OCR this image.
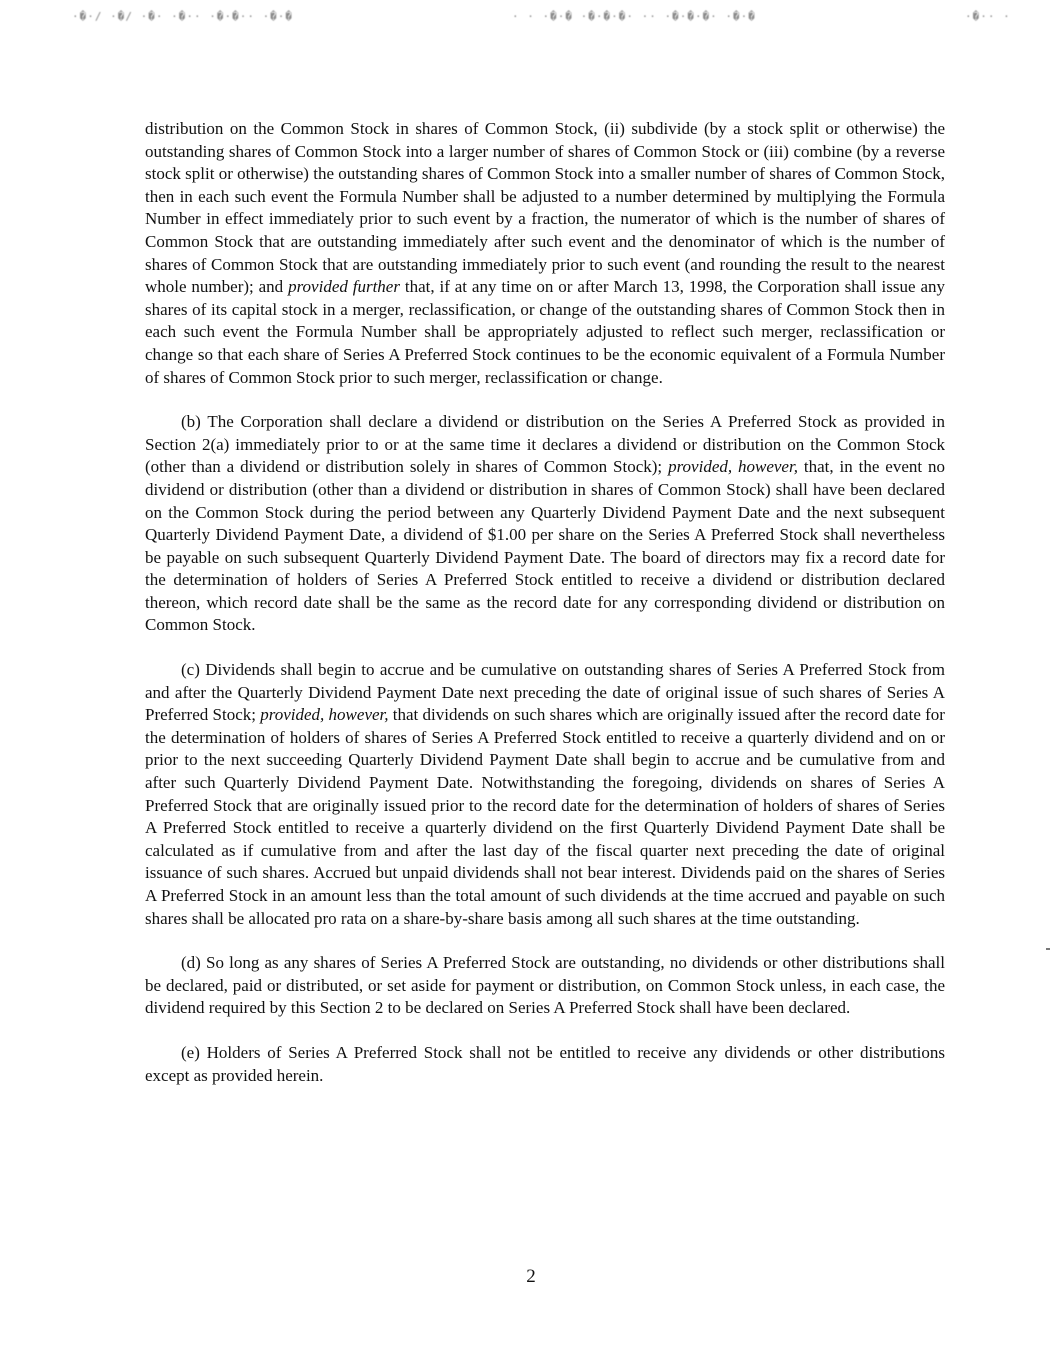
·�·/ ·�/ ·�· ·�·· ·�·�·· ·�·�	· · ·�·� ·�·�·�· ·· ·�·�·�· ·�·�	·�·· ·

distribution on the Common Stock in shares of Common Stock, (ii) subdivide (by a stock split or otherwise) the outstanding shares of Common Stock into a larger number of shares of Common Stock or (iii) combine (by a reverse stock split or otherwise) the outstanding shares of Common Stock into a smaller number of shares of Common Stock, then in each such event the Formula Number shall be adjusted to a number determined by multiplying the Formula Number in effect immediately prior to such event by a fraction, the numerator of which is the number of shares of Common Stock that are outstanding immediately after such event and the denominator of which is the number of shares of Common Stock that are outstanding immediately prior to such event (and rounding the result to the nearest whole number); and provided further that, if at any time on or after March 13, 1998, the Corporation shall issue any shares of its capital stock in a merger, reclassification, or change of the outstanding shares of Common Stock then in each such event the Formula Number shall be appropriately adjusted to reflect such merger, reclassification or change so that each share of Series A Preferred Stock continues to be the economic equivalent of a Formula Number of shares of Common Stock prior to such merger, reclassification or change.

(b) The Corporation shall declare a dividend or distribution on the Series A Preferred Stock as provided in Section 2(a) immediately prior to or at the same time it declares a dividend or distribution on the Common Stock (other than a dividend or distribution solely in shares of Common Stock); provided, however, that, in the event no dividend or distribution (other than a dividend or distribution in shares of Common Stock) shall have been declared on the Common Stock during the period between any Quarterly Dividend Payment Date and the next subsequent Quarterly Dividend Payment Date, a dividend of $1.00 per share on the Series A Preferred Stock shall nevertheless be payable on such subsequent Quarterly Dividend Payment Date. The board of directors may fix a record date for the determination of holders of Series A Preferred Stock entitled to receive a dividend or distribution declared thereon, which record date shall be the same as the record date for any corresponding dividend or distribution on Common Stock.

(c) Dividends shall begin to accrue and be cumulative on outstanding shares of Series A Preferred Stock from and after the Quarterly Dividend Payment Date next preceding the date of original issue of such shares of Series A Preferred Stock; provided, however, that dividends on such shares which are originally issued after the record date for the determination of holders of shares of Series A Preferred Stock entitled to receive a quarterly dividend and on or prior to the next succeeding Quarterly Dividend Payment Date shall begin to accrue and be cumulative from and after such Quarterly Dividend Payment Date. Notwithstanding the foregoing, dividends on shares of Series A Preferred Stock that are originally issued prior to the record date for the determination of holders of shares of Series A Preferred Stock entitled to receive a quarterly dividend on the first Quarterly Dividend Payment Date shall be calculated as if cumulative from and after the last day of the fiscal quarter next preceding the date of original issuance of such shares. Accrued but unpaid dividends shall not bear interest. Dividends paid on the shares of Series A Preferred Stock in an amount less than the total amount of such dividends at the time accrued and payable on such shares shall be allocated pro rata on a share-by-share basis among all such shares at the time outstanding.

(d) So long as any shares of Series A Preferred Stock are outstanding, no dividends or other distributions shall be declared, paid or distributed, or set aside for payment or distribution, on Common Stock unless, in each case, the dividend required by this Section 2 to be declared on Series A Preferred Stock shall have been declared.

(e) Holders of Series A Preferred Stock shall not be entitled to receive any dividends or other distributions except as provided herein.

2
